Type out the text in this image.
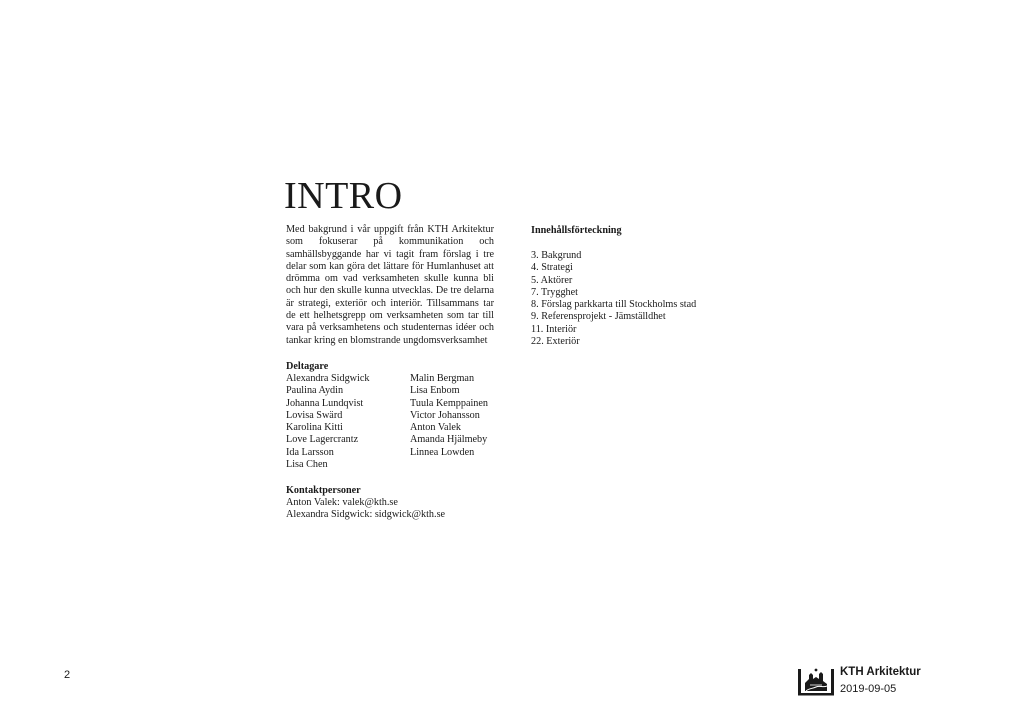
INTRO

Med bakgrund i vår uppgift från KTH Arkitektur som fokuserar på kommunikation och samhällsbyggande har vi tagit fram förslag i tre delar som kan göra det lättare för Humlanhuset att drömma om vad verksamheten skulle kunna bli och hur den skulle kunna utvecklas. De tre delarna är strategi, exteriör och interiör. Tillsammans tar de ett helhetsgrepp om verksamheten som tar till vara på verksamhetens och studenternas idéer och tankar kring en blomstrande ungdomsverksamhet

Deltagare
Alexandra Sidgwick
Paulina Aydin
Johanna Lundqvist
Lovisa Swärd
Karolina Kitti
Love Lagercrantz
Ida Larsson
Lisa Chen
Malin Bergman
Lisa Enbom
Tuula Kemppainen
Victor Johansson
Anton Valek
Amanda Hjälmeby
Linnea Lowden
Kontaktpersoner
Anton Valek: valek@kth.se
Alexandra Sidgwick: sidgwick@kth.se
Innehållsförteckning
3. Bakgrund
4. Strategi
5. Aktörer
7. Trygghet
8. Förslag parkkarta till Stockholms stad
9. Referensprojekt - Jämställdhet
11. Interiör
22. Exteriör
2	KTH Arkitektur
2019-09-05
